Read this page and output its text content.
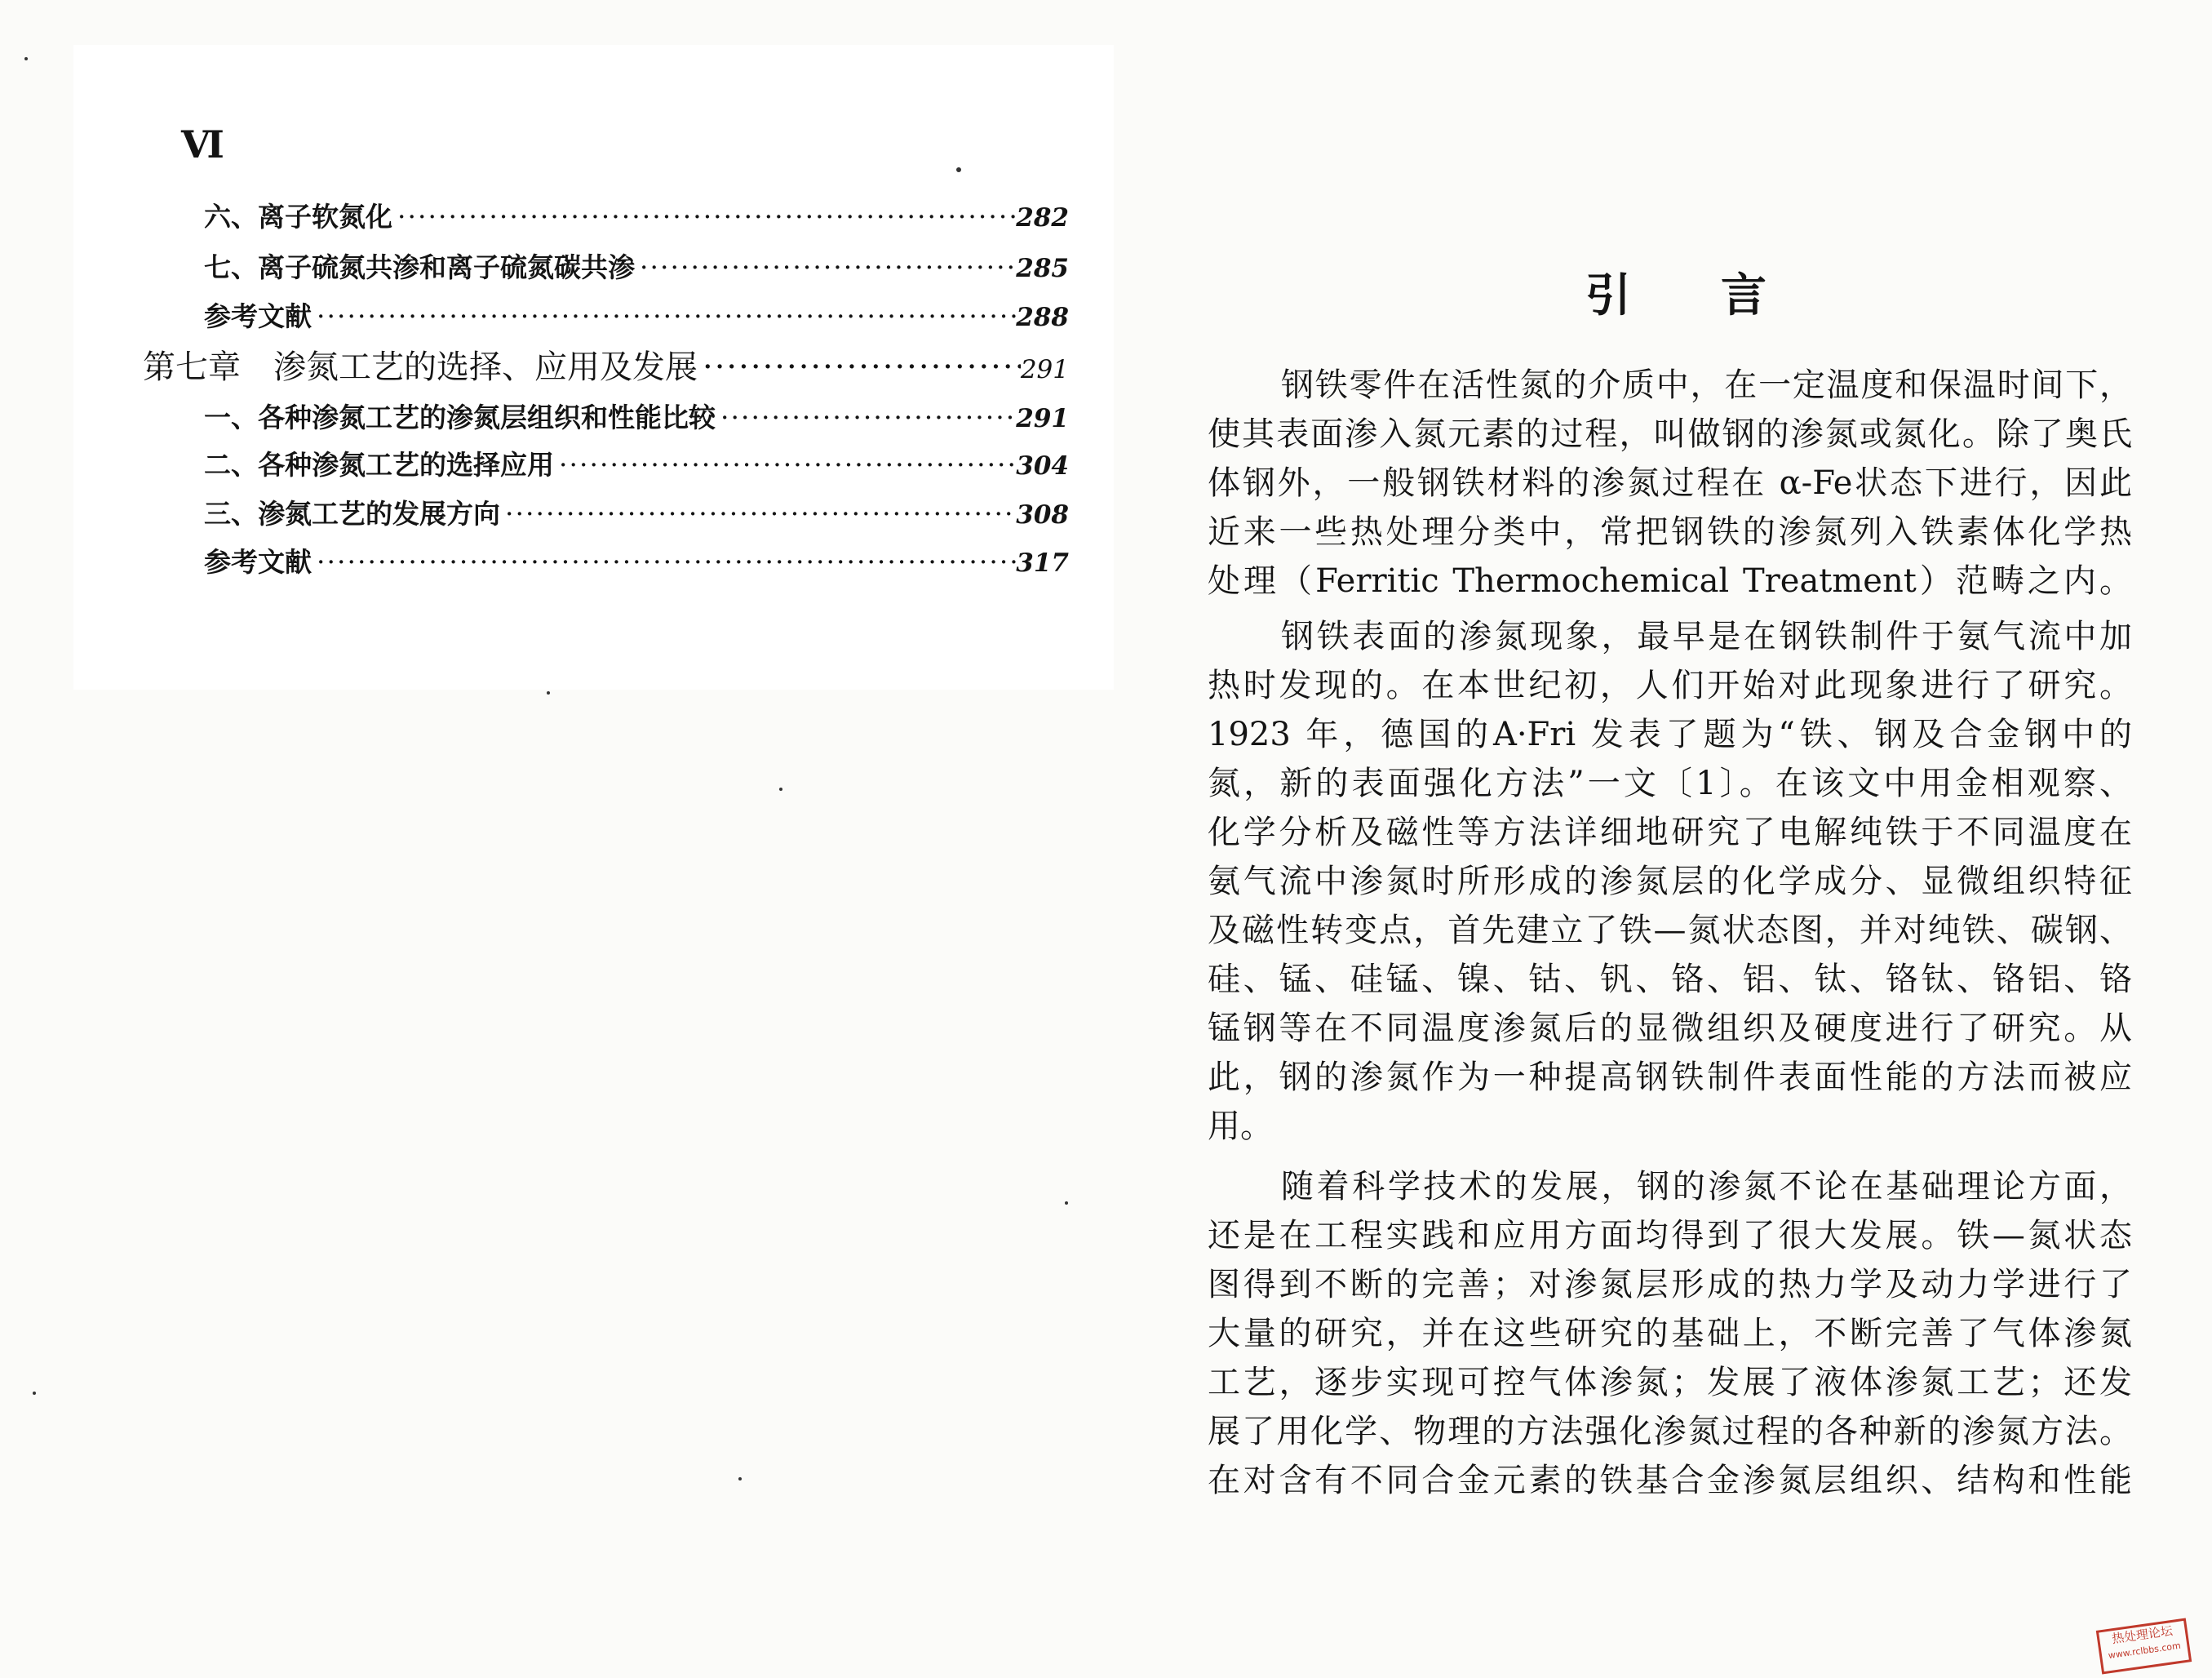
Ⅵ
六、离子软氮化 ·····	282
七、离子硫氮共渗和离子硫氮碳共渗 ·····	285
参考文献 ·····	288
第七章　渗氮工艺的选择、应用及发展 ·····	291
一、各种渗氮工艺的渗氮层组织和性能比较 ·····	291
二、各种渗氮工艺的选择应用 ·····	304
三、渗氮工艺的发展方向 ·····	308
参考文献 ·····	317
引言
钢铁零件在活性氮的介质中，在一定温度和保温时间下，
使其表面渗入氮元素的过程，叫做钢的渗氮或氮化。除了奥氏
体钢外，一般钢铁材料的渗氮过程在 α-Fe状态下进行，因此
近来一些热处理分类中，常把钢铁的渗氮列入铁素体化学热
处理（Ferritic Thermochemical Treatment）范畴之内。
钢铁表面的渗氮现象，最早是在钢铁制件于氨气流中加
热时发现的。在本世纪初，人们开始对此现象进行了研究。
1923 年，德国的A·Fri 发表了题为“铁、钢及合金钢中的
氮，新的表面强化方法”一文〔1〕。在该文中用金相观察、
化学分析及磁性等方法详细地研究了电解纯铁于不同温度在
氨气流中渗氮时所形成的渗氮层的化学成分、显微组织特征
及磁性转变点，首先建立了铁—氮状态图，并对纯铁、碳钢、
硅、锰、硅锰、镍、钴、钒、铬、铝、钛、铬钛、铬铝、铬
锰钢等在不同温度渗氮后的显微组织及硬度进行了研究。从
此，钢的渗氮作为一种提高钢铁制件表面性能的方法而被应
用。
随着科学技术的发展，钢的渗氮不论在基础理论方面，
还是在工程实践和应用方面均得到了很大发展。铁—氮状态
图得到不断的完善；对渗氮层形成的热力学及动力学进行了
大量的研究，并在这些研究的基础上，不断完善了气体渗氮
工艺，逐步实现可控气体渗氮；发展了液体渗氮工艺；还发
展了用化学、物理的方法强化渗氮过程的各种新的渗氮方法。
在对含有不同合金元素的铁基合金渗氮层组织、结构和性能
热处理论坛
www.rclbbs.com
